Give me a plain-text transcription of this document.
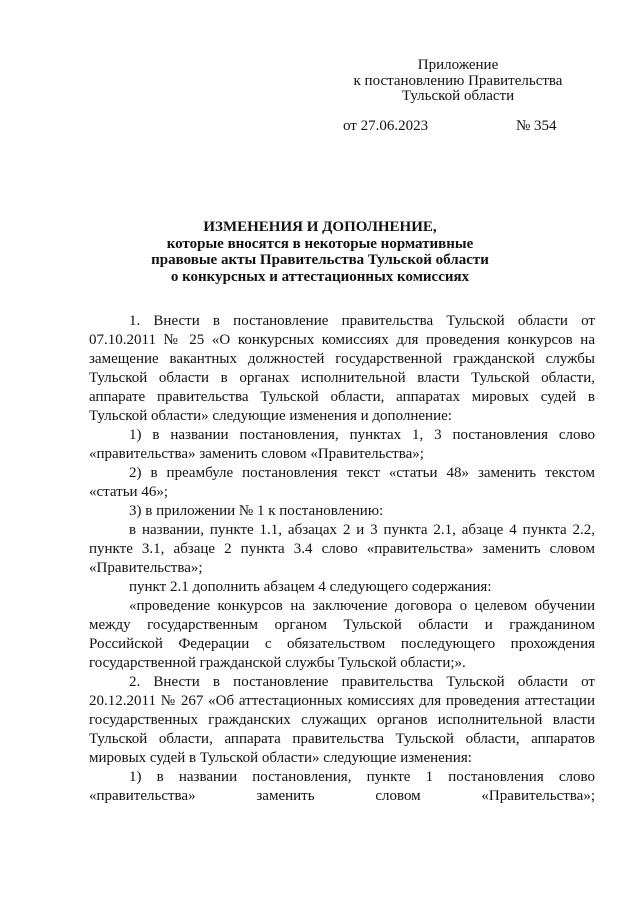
Приложение
к постановлению Правительства
Тульской области
от 27.06.2023	№ 354
ИЗМЕНЕНИЯ И ДОПОЛНЕНИЕ,
которые вносятся в некоторые нормативные
правовые акты Правительства Тульской области
о конкурсных и аттестационных комиссиях

1. Внести в постановление правительства Тульской области от 07.10.2011 № 25 «О конкурсных комиссиях для проведения конкурсов на замещение вакантных должностей государственной гражданской службы Тульской области в органах исполнительной власти Тульской области, аппарате правительства Тульской области, аппаратах мировых судей в Тульской области» следующие изменения и дополнение:

1) в названии постановления, пунктах 1, 3 постановления слово «правительства» заменить словом «Правительства»;

2) в преамбуле постановления текст «статьи 48» заменить текстом «статьи 46»;

3) в приложении № 1 к постановлению:

в названии, пункте 1.1, абзацах 2 и 3 пункта 2.1, абзаце 4 пункта 2.2, пункте 3.1, абзаце 2 пункта 3.4 слово «правительства» заменить словом «Правительства»;

пункт 2.1 дополнить абзацем 4 следующего содержания:

«проведение конкурсов на заключение договора о целевом обучении между государственным органом Тульской области и гражданином Российской Федерации с обязательством последующего прохождения государственной гражданской службы Тульской области;».

2. Внести в постановление правительства Тульской области от 20.12.2011 № 267 «Об аттестационных комиссиях для проведения аттестации государственных гражданских служащих органов исполнительной власти Тульской области, аппарата правительства Тульской области, аппаратов мировых судей в Тульской области» следующие изменения:

1) в названии постановления, пункте 1 постановления слово «правительства» заменить словом «Правительства»;
